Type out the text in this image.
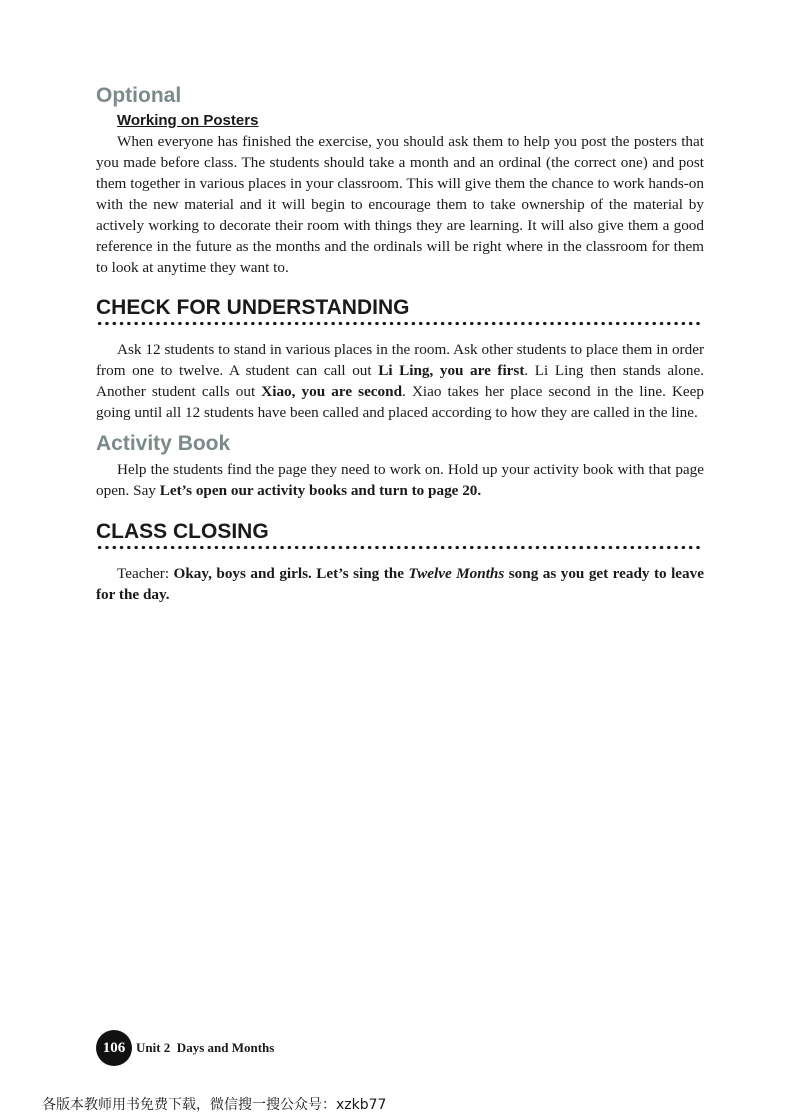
Optional
Working on Posters

When everyone has finished the exercise, you should ask them to help you post the posters that you made before class. The students should take a month and an ordinal (the correct one) and post them together in various places in your classroom. This will give them the chance to work hands-on with the new material and it will begin to encourage them to take ownership of the material by actively working to decorate their room with things they are learning. It will also give them a good reference in the future as the months and the ordinals will be right where in the classroom for them to look at anytime they want to.

CHECK FOR UNDERSTANDING

Ask 12 students to stand in various places in the room. Ask other students to place them in order from one to twelve. A student can call out Li Ling, you are first. Li Ling then stands alone. Another student calls out Xiao, you are second. Xiao takes her place second in the line. Keep going until all 12 students have been called and placed according to how they are called in the line.

Activity Book

Help the students find the page they need to work on. Hold up your activity book with that page open. Say Let’s open our activity books and turn to page 20.

CLASS CLOSING

Teacher: Okay, boys and girls. Let’s sing the Twelve Months song as you get ready to leave for the day.

106 Unit 2  Days and Months
各版本教师用书免费下载，微信搜一搜公众号：xzkb77
